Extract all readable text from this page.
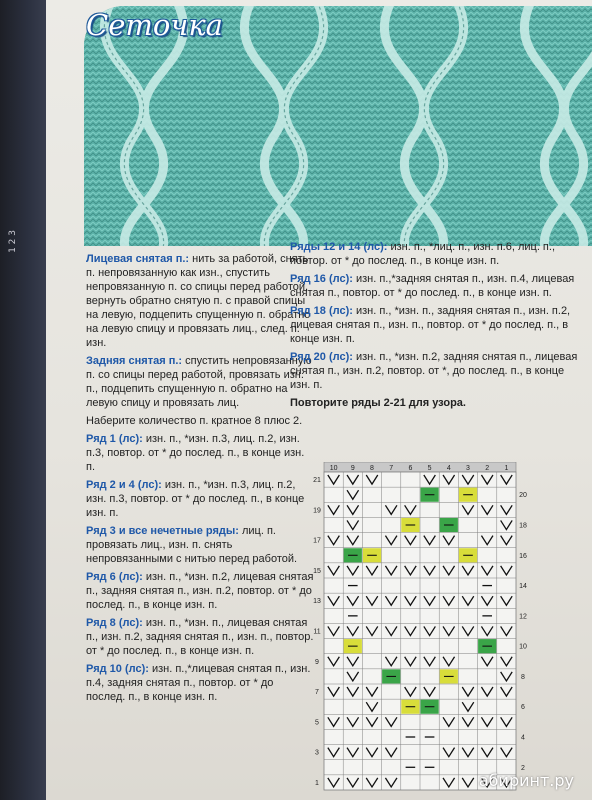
1 2 3
Сеточка

Лицевая снятая п.: нить за работой, снять п. непровязанную как изн., спустить непровязанную п. со спицы перед работой, вернуть обратно снятую п. с правой спицы на левую, подцепить спущенную п. обратно на левую спицу и провязать лиц., след. п. изн.

Задняя снятая п.: спустить непровязанную п. со спицы перед работой, провязать изн. п., подцепить спущенную п. обратно на левую спицу и провязать лиц.

Наберите количество п. кратное 8 плюс 2.

Ряд 1 (лс): изн. п., *изн. п.3, лиц. п.2, изн. п.3, повтор. от * до послед. п., в конце изн. п.

Ряд 2 и 4 (лс): изн. п., *изн. п.3, лиц. п.2, изн. п.3, повтор. от * до послед. п., в конце изн. п.

Ряд 3 и все нечетные ряды: лиц. п. провязать лиц., изн. п. снять непровязанными с нитью перед работой.

Ряд 6 (лс): изн. п., *изн. п.2, лицевая снятая п., задняя снятая п., изн. п.2, повтор. от * до послед. п., в конце изн. п.

Ряд 8 (лс): изн. п., *изн. п., лицевая снятая п., изн. п.2, задняя снятая п., изн. п., повтор. от * до послед. п., в конце изн. п.

Ряд 10 (лс): изн. п.,*лицевая снятая п., изн. п.4, задняя снятая п., повтор. от * до послед. п., в конце изн. п.

Ряды 12 и 14 (лс): изн. п., *лиц. п., изн. п.6, лиц. п., повтор. от * до послед. п., в конце изн. п.

Ряд 16 (лс): изн. п.,*задняя снятая п., изн. п.4, лицевая снятая п., повтор. от * до послед. п., в конце изн. п.

Ряд 18 (лс): изн. п., *изн. п., задняя снятая п., изн. п.2, лицевая снятая п., изн. п., повтор. от * до послед. п., в конце изн. п.

Ряд 20 (лс): изн. п., *изн. п.2, задняя снятая п., лицевая снятая п., изн. п.2, повтор. от *, до послед. п., в конце изн. п.

Повторите ряды 2-21 для узора.

10 9 8 7 6 5 4 3 2 1
21
20
19
18
17
16
15
14
13
12
11
10
9
8
7
6
5
4
3
2
1	абиринт.ру
